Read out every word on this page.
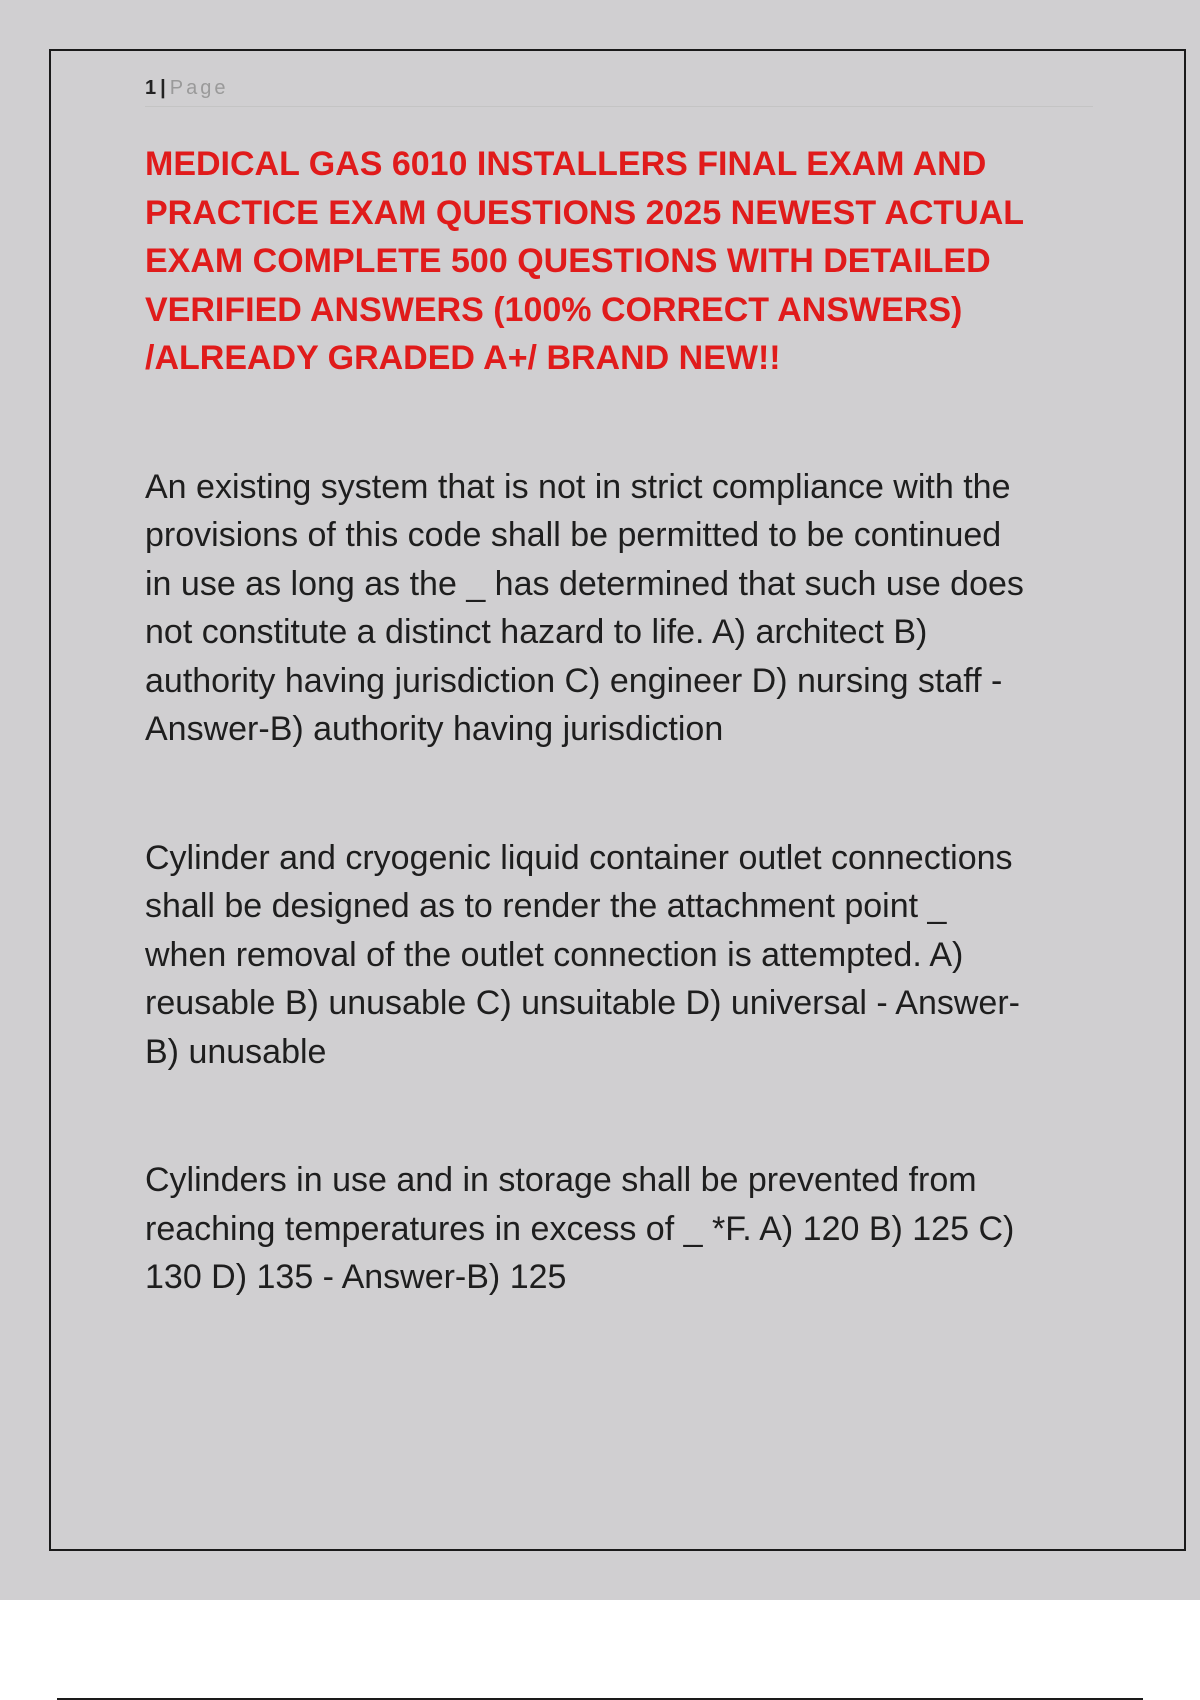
1 | Page

MEDICAL GAS 6010 INSTALLERS FINAL EXAM AND
PRACTICE EXAM QUESTIONS 2025 NEWEST ACTUAL
EXAM COMPLETE 500 QUESTIONS WITH DETAILED
VERIFIED ANSWERS (100% CORRECT ANSWERS)
/ALREADY GRADED A+/ BRAND NEW!!

An existing system that is not in strict compliance with the
provisions of this code shall be permitted to be continued
in use as long as the _ has determined that such use does
not constitute a distinct hazard to life. A) architect B)
authority having jurisdiction C) engineer D) nursing staff -
Answer-B) authority having jurisdiction

Cylinder and cryogenic liquid container outlet connections
shall be designed as to render the attachment point _
when removal of the outlet connection is attempted. A)
reusable B) unusable C) unsuitable D) universal - Answer-
B) unusable

Cylinders in use and in storage shall be prevented from
reaching temperatures in excess of _ *F. A) 120 B) 125 C)
130 D) 135 - Answer-B) 125
